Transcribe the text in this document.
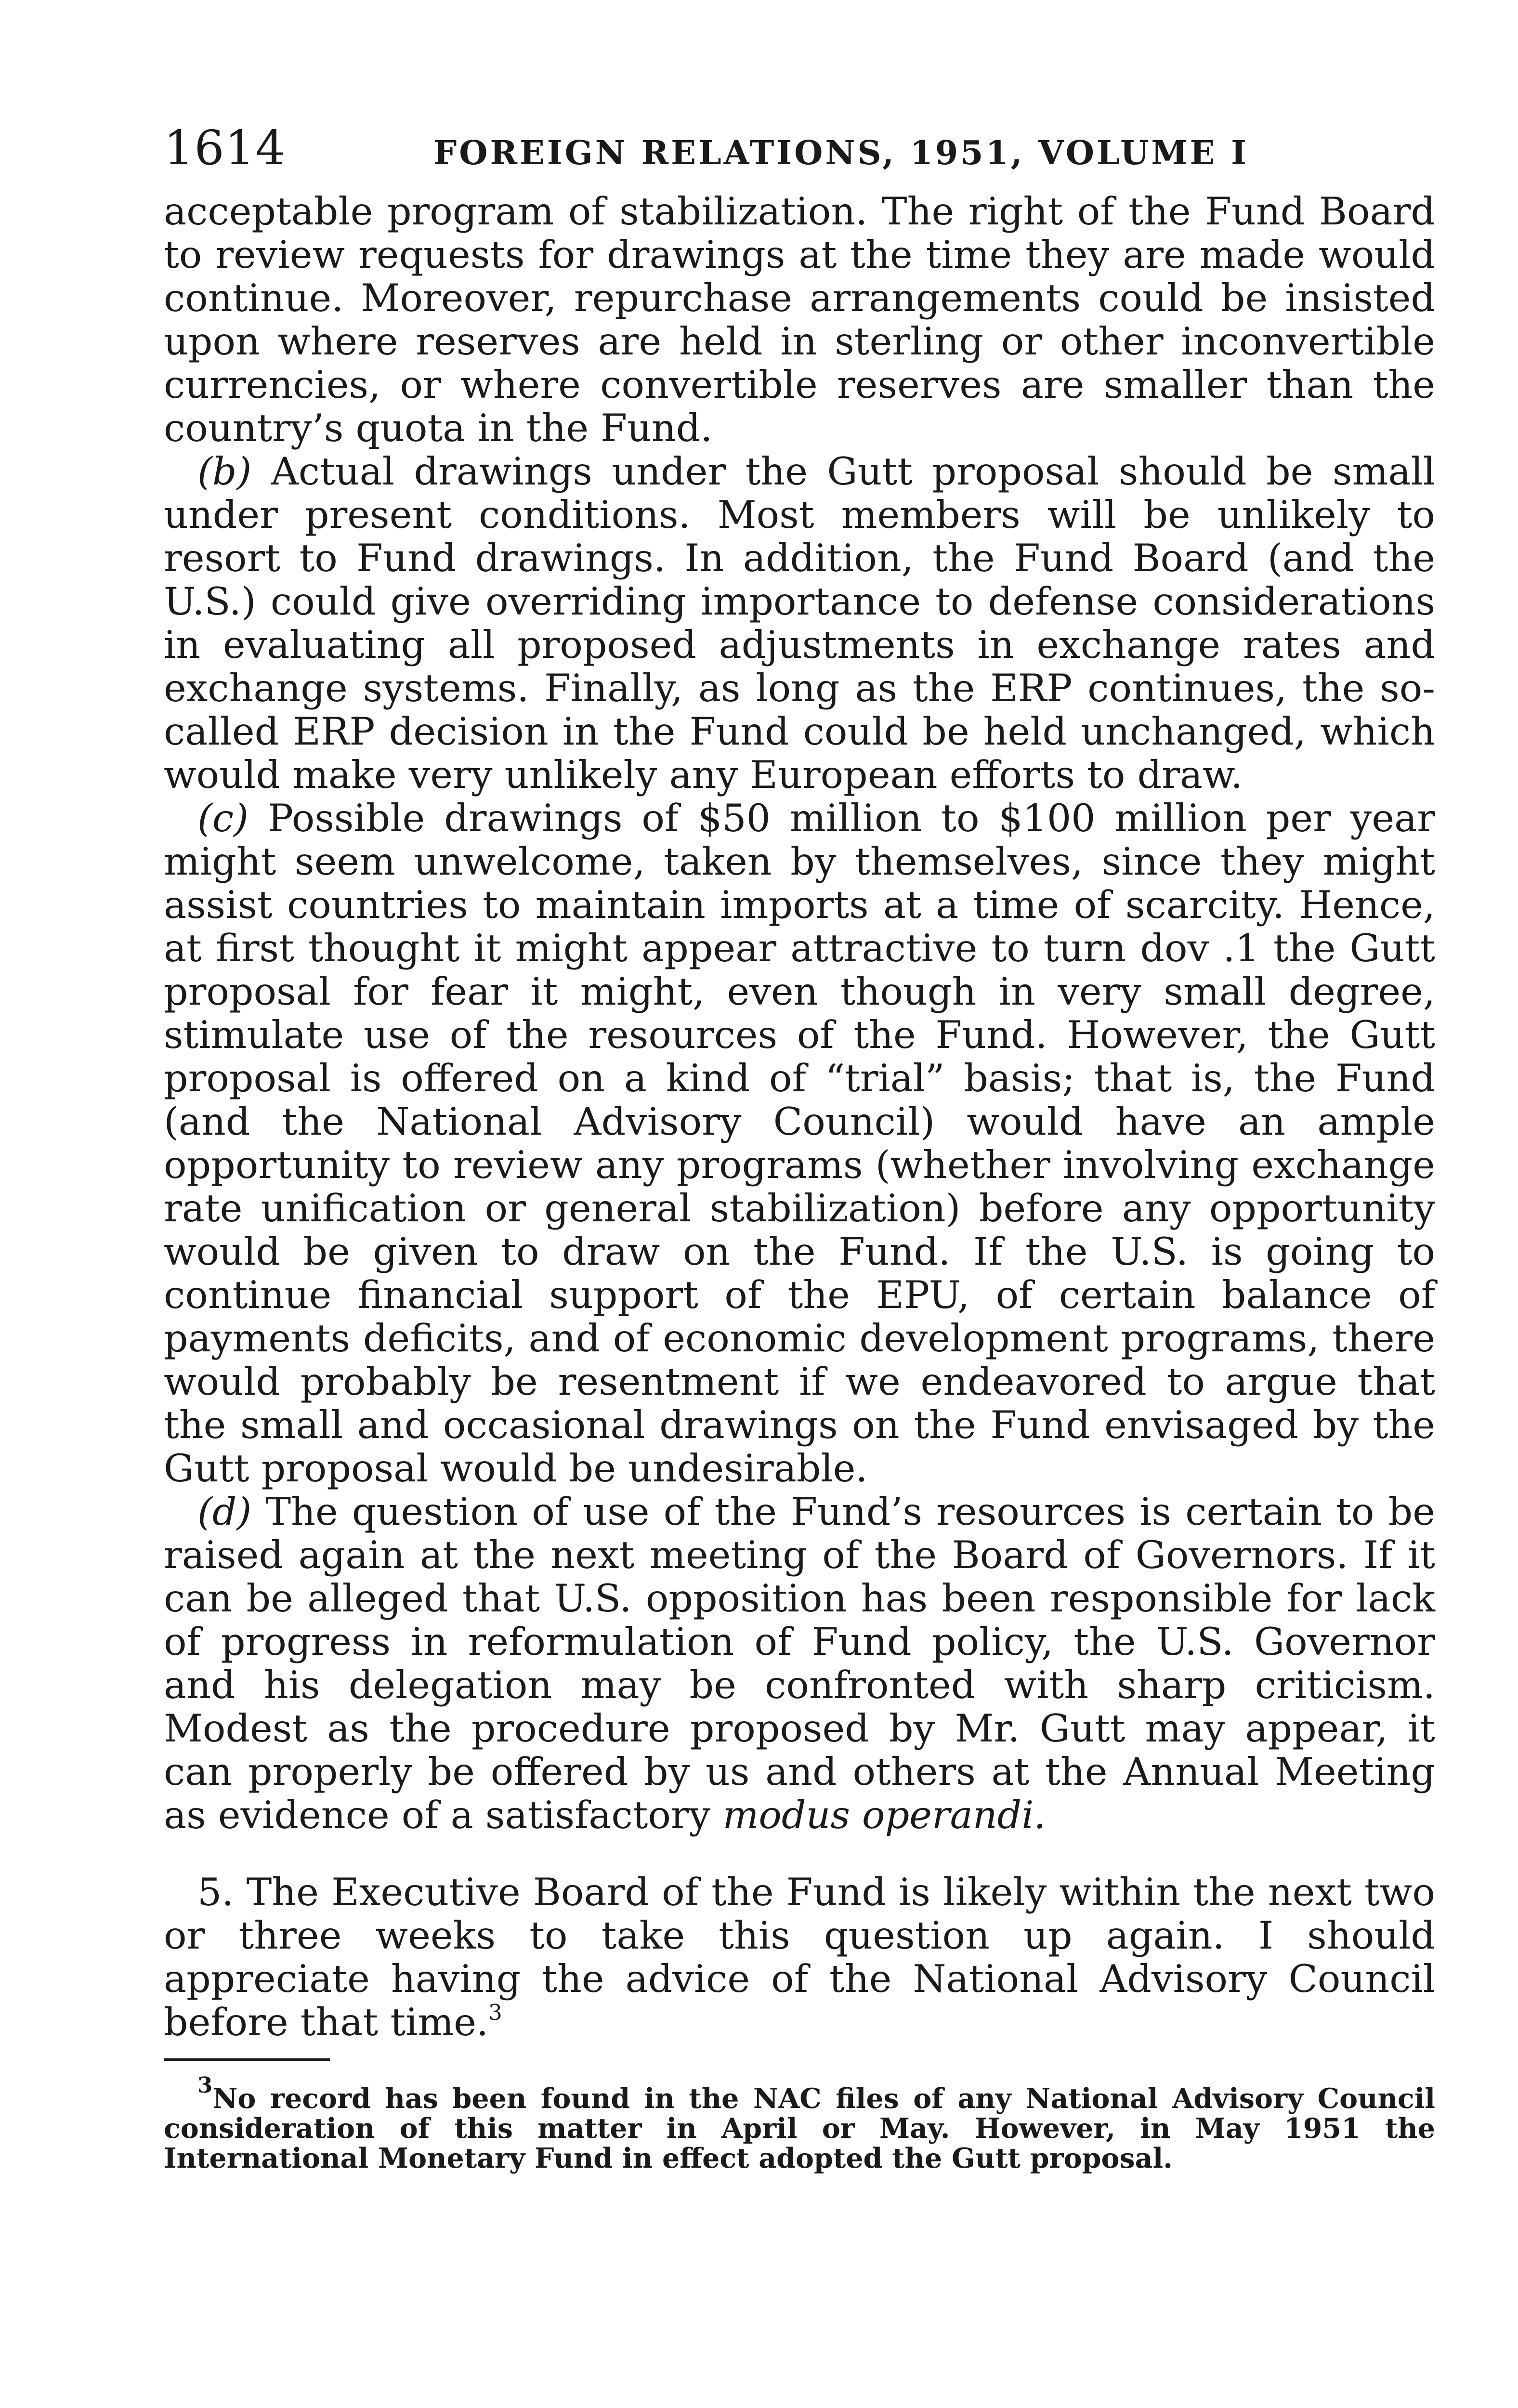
1614	FOREIGN RELATIONS, 1951, VOLUME I

acceptable program of stabilization. The right of the Fund Board to review requests for drawings at the time they are made would continue. Moreover, repurchase arrangements could be insisted upon where reserves are held in sterling or other inconvertible currencies, or where convertible reserves are smaller than the country’s quota in the Fund.

(b) Actual drawings under the Gutt proposal should be small under present conditions. Most members will be unlikely to resort to Fund drawings. In addition, the Fund Board (and the U.S.) could give overriding importance to defense considerations in evaluating all proposed adjustments in exchange rates and exchange systems. Finally, as long as the ERP continues, the so-called ERP decision in the Fund could be held unchanged, which would make very unlikely any European efforts to draw.

(c) Possible drawings of $50 million to $100 million per year might seem unwelcome, taken by themselves, since they might assist countries to maintain imports at a time of scarcity. Hence, at first thought it might appear attractive to turn dov .1 the Gutt proposal for fear it might, even though in very small degree, stimulate use of the resources of the Fund. However, the Gutt proposal is offered on a kind of “trial” basis; that is, the Fund (and the National Advisory Council) would have an ample opportunity to review any programs (whether involving exchange rate unification or general stabilization) before any opportunity would be given to draw on the Fund. If the U.S. is going to continue financial support of the EPU, of certain balance of payments deficits, and of economic development programs, there would probably be resentment if we endeavored to argue that the small and occasional drawings on the Fund envisaged by the Gutt proposal would be undesirable.

(d) The question of use of the Fund’s resources is certain to be raised again at the next meeting of the Board of Governors. If it can be alleged that U.S. opposition has been responsible for lack of progress in reformulation of Fund policy, the U.S. Governor and his delegation may be confronted with sharp criticism. Modest as the procedure proposed by Mr. Gutt may appear, it can properly be offered by us and others at the Annual Meeting as evidence of a satisfactory modus operandi.

5. The Executive Board of the Fund is likely within the next two or three weeks to take this question up again. I should appreciate having the advice of the National Advisory Council before that time.$^3$

$^3$No record has been found in the NAC files of any National Advisory Council consideration of this matter in April or May. However, in May 1951 the International Monetary Fund in effect adopted the Gutt proposal.
